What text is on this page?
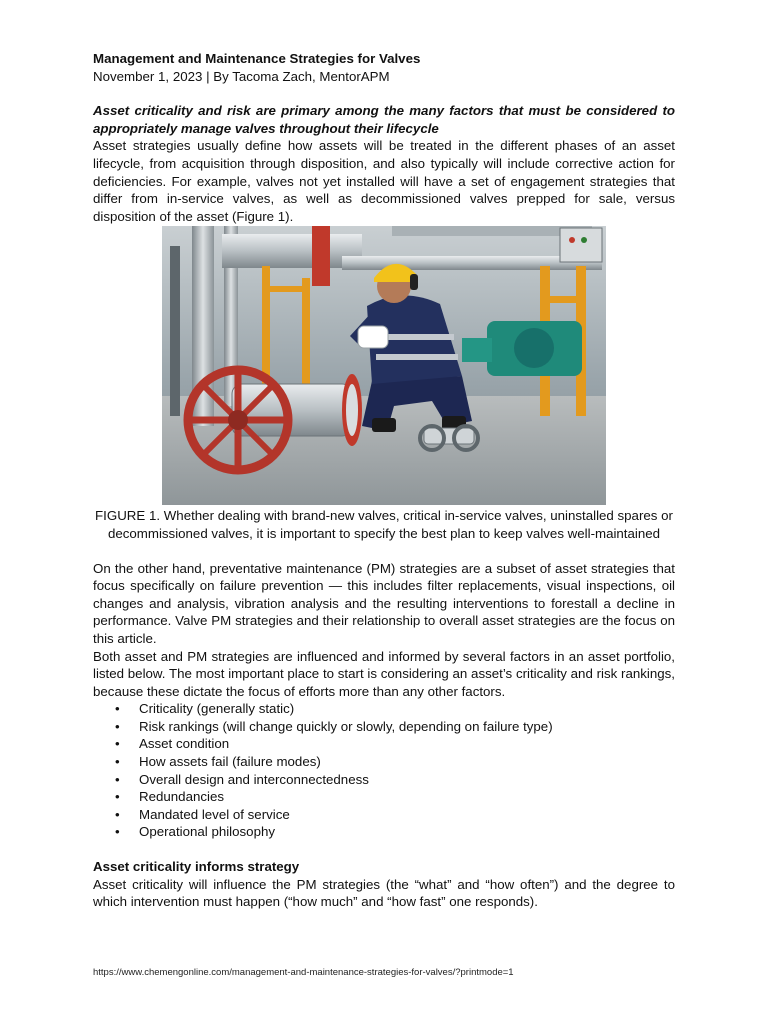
Management and Maintenance Strategies for Valves
November 1, 2023 | By Tacoma Zach, MentorAPM
Asset criticality and risk are primary among the many factors that must be considered to appropriately manage valves throughout their lifecycle

Asset strategies usually define how assets will be treated in the different phases of an asset lifecycle, from acquisition through disposition, and also typically will include corrective action for deficiencies. For example, valves not yet installed will have a set of engagement strategies that differ from in-service valves, as well as decommissioned valves prepped for sale, versus disposition of the asset (Figure 1).

FIGURE 1. Whether dealing with brand-new valves, critical in-service valves, uninstalled spares or decommissioned valves, it is important to specify the best plan to keep valves well-maintained

On the other hand, preventative maintenance (PM) strategies are a subset of asset strategies that focus specifically on failure prevention — this includes filter replacements, visual inspections, oil changes and analysis, vibration analysis and the resulting interventions to forestall a decline in performance. Valve PM strategies and their relationship to overall asset strategies are the focus on this article.

Both asset and PM strategies are influenced and informed by several factors in an asset portfolio, listed below. The most important place to start is considering an asset’s criticality and risk rankings, because these dictate the focus of efforts more than any other factors.

• Criticality (generally static)
• Risk rankings (will change quickly or slowly, depending on failure type)
• Asset condition
• How assets fail (failure modes)
• Overall design and interconnectedness
• Redundancies
• Mandated level of service
• Operational philosophy
Asset criticality informs strategy

Asset criticality will influence the PM strategies (the “what” and “how often”) and the degree to which intervention must happen (“how much” and “how fast” one responds).

https://www.chemengonline.com/management-and-maintenance-strategies-for-valves/?printmode=1
